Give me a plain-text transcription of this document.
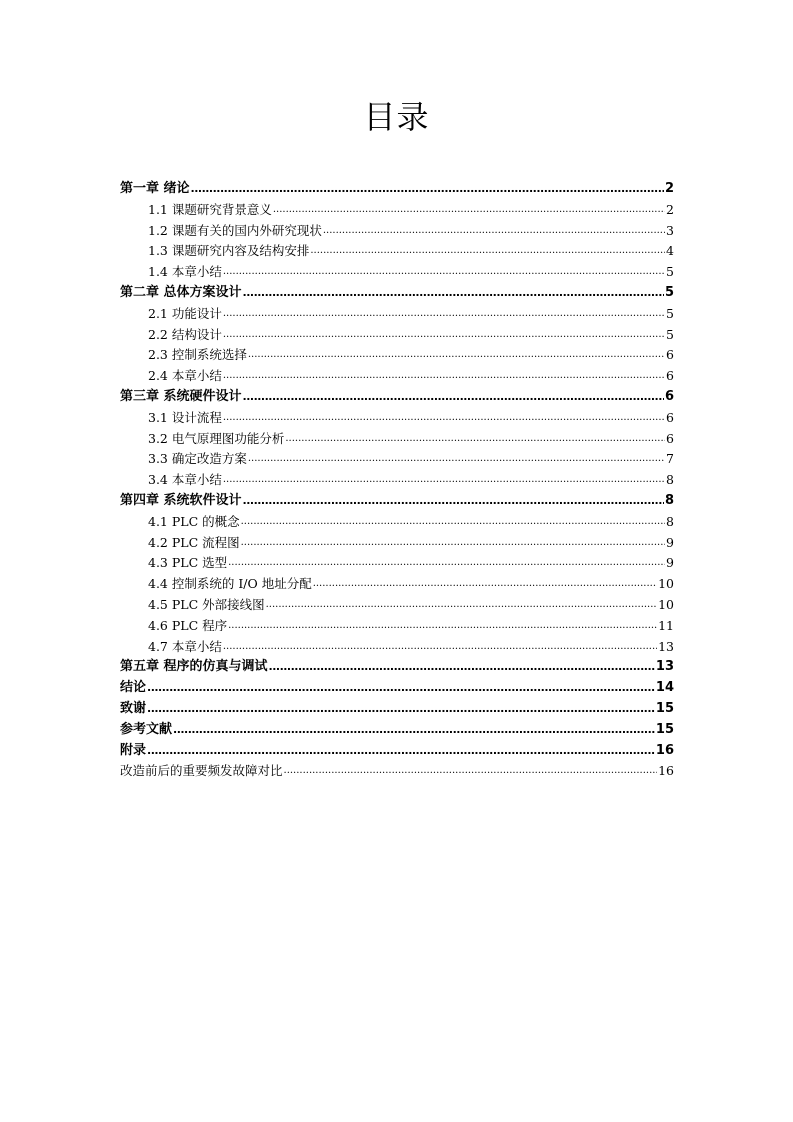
目录
第一章 绪论 .....	2
1.1 课题研究背景意义 .....	2
1.2 课题有关的国内外研究现状 .....	3
1.3 课题研究内容及结构安排 .....	4
1.4 本章小结 .....	5
第二章 总体方案设计 .....	5
2.1 功能设计 .....	5
2.2 结构设计 .....	5
2.3 控制系统选择 .....	6
2.4 本章小结 .....	6
第三章 系统硬件设计 .....	6
3.1 设计流程 .....	6
3.2 电气原理图功能分析 .....	6
3.3 确定改造方案 .....	7
3.4 本章小结 .....	8
第四章 系统软件设计 .....	8
4.1 PLC 的概念 .....	8
4.2 PLC 流程图 .....	9
4.3 PLC 选型 .....	9
4.4 控制系统的 I/O 地址分配 .....	10
4.5 PLC 外部接线图 .....	10
4.6 PLC 程序 .....	11
4.7 本章小结 .....	13
第五章 程序的仿真与调试 .....	13
结论 .....	14
致谢 .....	15
参考文献 .....	15
附录 .....	16
改造前后的重要频发故障对比 .....	16
